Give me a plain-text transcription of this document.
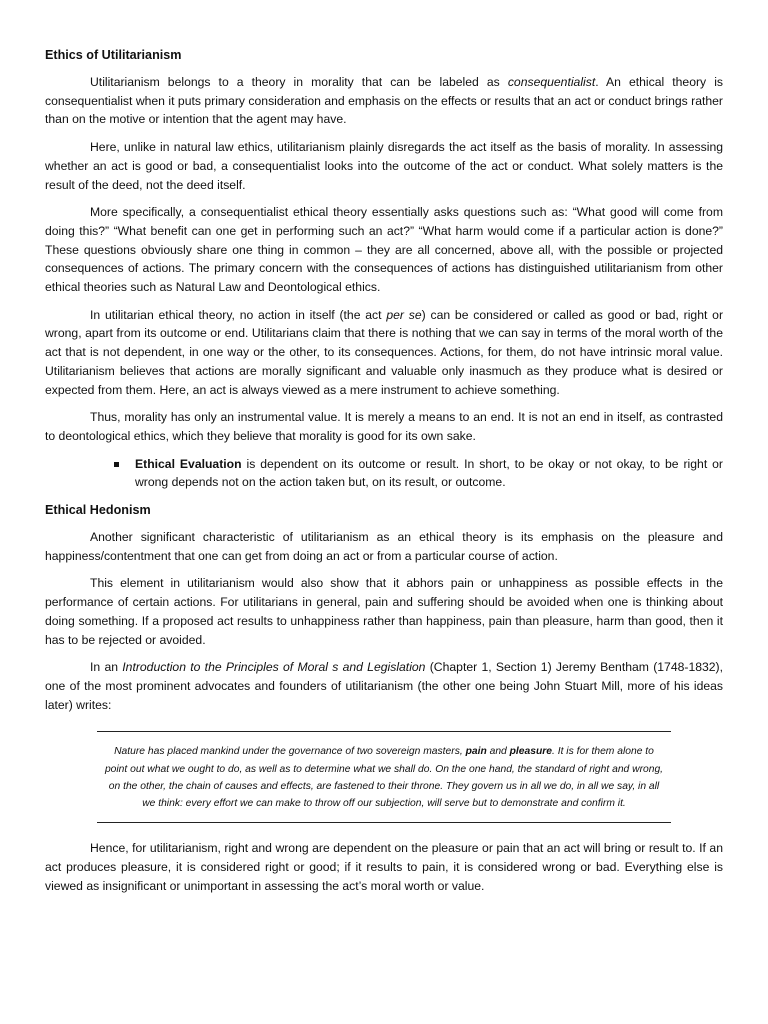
Ethics of Utilitarianism

Utilitarianism belongs to a theory in morality that can be labeled as consequentialist. An ethical theory is consequentialist when it puts primary consideration and emphasis on the effects or results that an act or conduct brings rather than on the motive or intention that the agent may have.

Here, unlike in natural law ethics, utilitarianism plainly disregards the act itself as the basis of morality. In assessing whether an act is good or bad, a consequentialist looks into the outcome of the act or conduct. What solely matters is the result of the deed, not the deed itself.

More specifically, a consequentialist ethical theory essentially asks questions such as: “What good will come from doing this?” “What benefit can one get in performing such an act?” “What harm would come if a particular action is done?” These questions obviously share one thing in common – they are all concerned, above all, with the possible or projected consequences of actions. The primary concern with the consequences of actions has distinguished utilitarianism from other ethical theories such as Natural Law and Deontological ethics.

In utilitarian ethical theory, no action in itself (the act per se) can be considered or called as good or bad, right or wrong, apart from its outcome or end. Utilitarians claim that there is nothing that we can say in terms of the moral worth of the act that is not dependent, in one way or the other, to its consequences. Actions, for them, do not have intrinsic moral value. Utilitarianism believes that actions are morally significant and valuable only inasmuch as they produce what is desired or expected from them. Here, an act is always viewed as a mere instrument to achieve something.

Thus, morality has only an instrumental value. It is merely a means to an end. It is not an end in itself, as contrasted to deontological ethics, which they believe that morality is good for its own sake.

Ethical Evaluation is dependent on its outcome or result. In short, to be okay or not okay, to be right or wrong depends not on the action taken but, on its result, or outcome.
Ethical Hedonism

Another significant characteristic of utilitarianism as an ethical theory is its emphasis on the pleasure and happiness/contentment that one can get from doing an act or from a particular course of action.

This element in utilitarianism would also show that it abhors pain or unhappiness as possible effects in the performance of certain actions. For utilitarians in general, pain and suffering should be avoided when one is thinking about doing something. If a proposed act results to unhappiness rather than happiness, pain than pleasure, harm than good, then it has to be rejected or avoided.

In an Introduction to the Principles of Moral s and Legislation (Chapter 1, Section 1) Jeremy Bentham (1748-1832), one of the most prominent advocates and founders of utilitarianism (the other one being John Stuart Mill, more of his ideas later) writes:

Nature has placed mankind under the governance of two sovereign masters, pain and pleasure. It is for them alone to point out what we ought to do, as well as to determine what we shall do. On the one hand, the standard of right and wrong, on the other, the chain of causes and effects, are fastened to their throne. They govern us in all we do, in all we say, in all we think: every effort we can make to throw off our subjection, will serve but to demonstrate and confirm it.

Hence, for utilitarianism, right and wrong are dependent on the pleasure or pain that an act will bring or result to. If an act produces pleasure, it is considered right or good; if it results to pain, it is considered wrong or bad. Everything else is viewed as insignificant or unimportant in assessing the act’s moral worth or value.
